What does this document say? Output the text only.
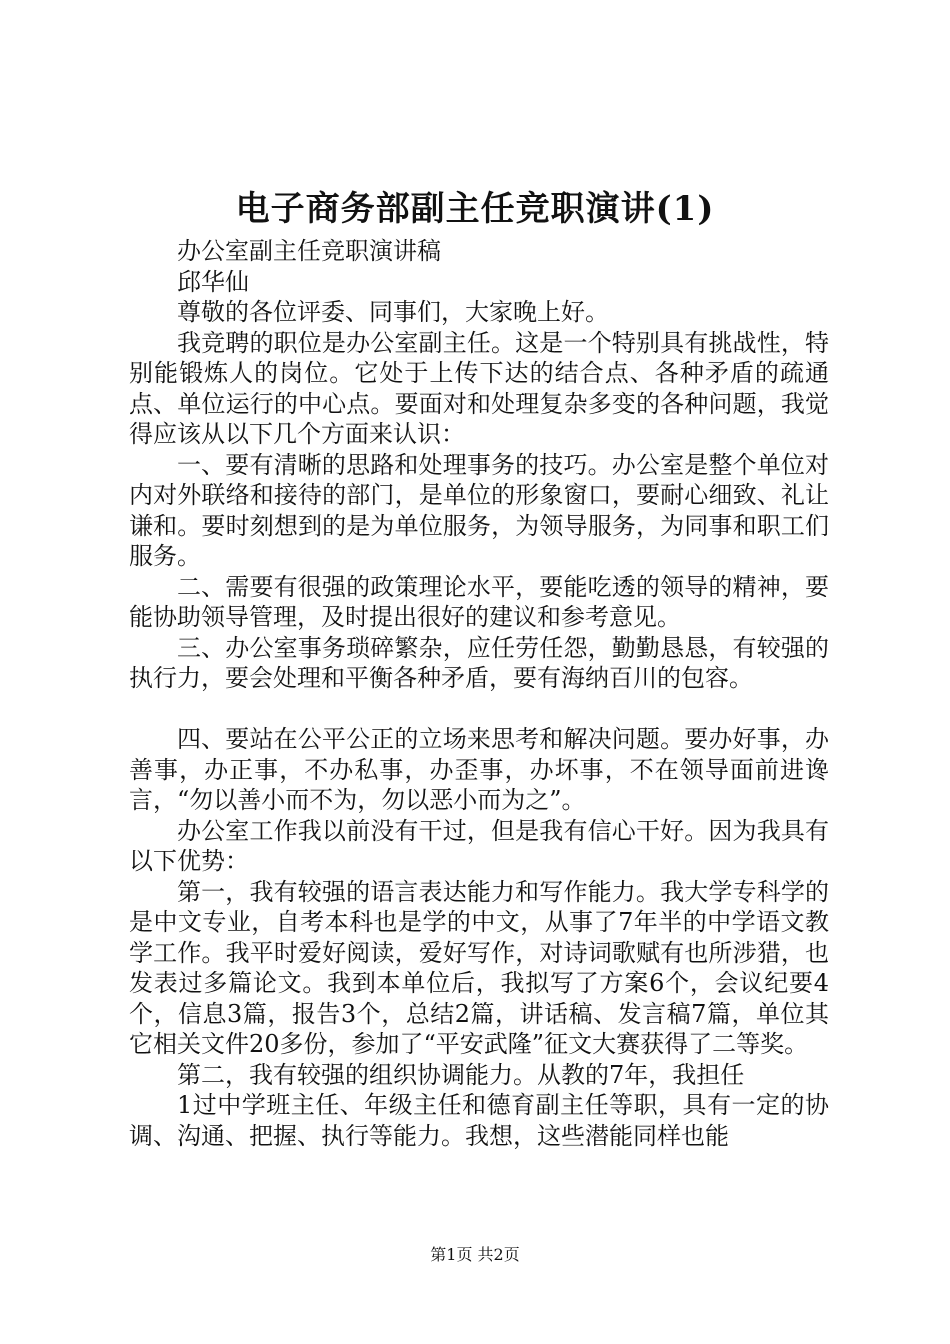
电子商务部副主任竞职演讲(1)

办公室副主任竞职演讲稿

邱华仙

尊敬的各位评委、同事们，大家晚上好。

我竞聘的职位是办公室副主任。这是一个特别具有挑战性，特别能锻炼人的岗位。它处于上传下达的结合点、各种矛盾的疏通点、单位运行的中心点。要面对和处理复杂多变的各种问题，我觉得应该从以下几个方面来认识：

一、要有清晰的思路和处理事务的技巧。办公室是整个单位对内对外联络和接待的部门，是单位的形象窗口，要耐心细致、礼让谦和。要时刻想到的是为单位服务，为领导服务，为同事和职工们服务。

二、需要有很强的政策理论水平，要能吃透的领导的精神，要能协助领导管理，及时提出很好的建议和参考意见。

三、办公室事务琐碎繁杂，应任劳任怨，勤勤恳恳，有较强的执行力，要会处理和平衡各种矛盾，要有海纳百川的包容。

四、要站在公平公正的立场来思考和解决问题。要办好事，办善事，办正事，不办私事，办歪事，办坏事，不在领导面前进谗言，“勿以善小而不为，勿以恶小而为之”。

办公室工作我以前没有干过，但是我有信心干好。因为我具有以下优势：

第一，我有较强的语言表达能力和写作能力。我大学专科学的是中文专业，自考本科也是学的中文，从事了7年半的中学语文教学工作。我平时爱好阅读，爱好写作，对诗词歌赋有也所涉猎，也发表过多篇论文。我到本单位后，我拟写了方案6个，会议纪要4个，信息3篇，报告3个，总结2篇，讲话稿、发言稿7篇，单位其它相关文件20多份，参加了“平安武隆”征文大赛获得了二等奖。

第二，我有较强的组织协调能力。从教的7年，我担任

1过中学班主任、年级主任和德育副主任等职，具有一定的协调、沟通、把握、执行等能力。我想，这些潜能同样也能

第1页 共2页
